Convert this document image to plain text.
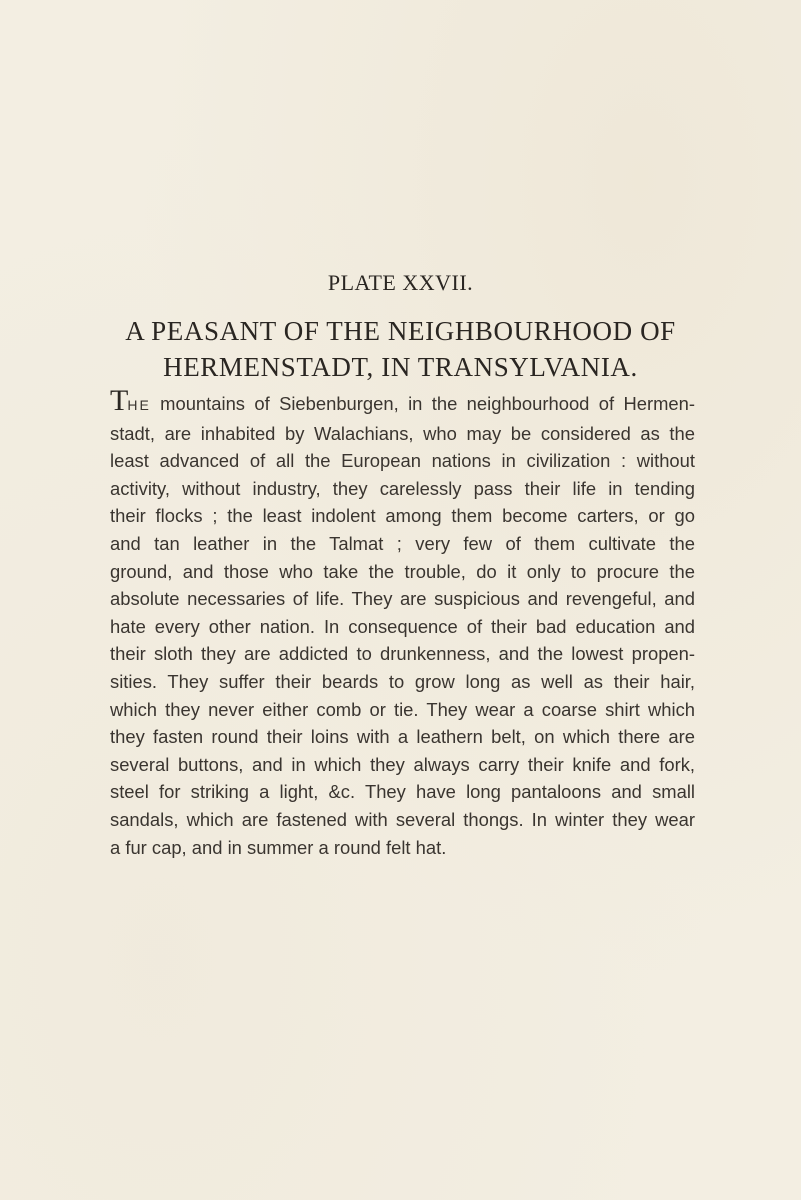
PLATE XXVII.
A PEASANT OF THE NEIGHBOURHOOD OF
HERMENSTADT, IN TRANSYLVANIA.
THE mountains of Siebenburgen, in the neighbourhood of Hermen-
stadt, are inhabited by Walachians, who may be considered as the
least advanced of all the European nations in civilization : without
activity, without industry, they carelessly pass their life in tending
their flocks ; the least indolent among them become carters, or go
and tan leather in the Talmat ; very few of them cultivate the
ground, and those who take the trouble, do it only to procure the
absolute necessaries of life. They are suspicious and revengeful, and
hate every other nation. In consequence of their bad education and
their sloth they are addicted to drunkenness, and the lowest propen-
sities. They suffer their beards to grow long as well as their hair,
which they never either comb or tie. They wear a coarse shirt which
they fasten round their loins with a leathern belt, on which there are
several buttons, and in which they always carry their knife and fork,
steel for striking a light, &c. They have long pantaloons and small
sandals, which are fastened with several thongs. In winter they wear
a fur cap, and in summer a round felt hat.
